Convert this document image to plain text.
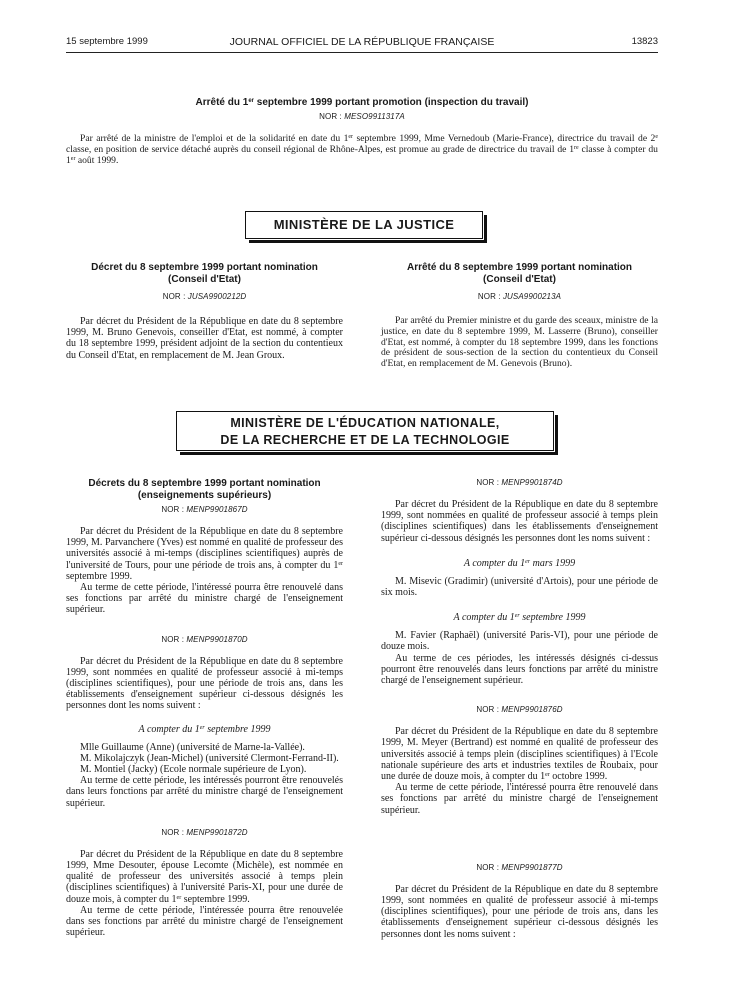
15 septembre 1999	JOURNAL OFFICIEL DE LA RÉPUBLIQUE FRANÇAISE	13823

Arrêté du 1er septembre 1999 portant promotion (inspection du travail)

NOR : MESO9911317A

Par arrêté de la ministre de l'emploi et de la solidarité en date du 1er septembre 1999, Mme Vernedoub (Marie-France), directrice du travail de 2e classe, en position de service détaché auprès du conseil régional de Rhône-Alpes, est promue au grade de directrice du travail de 1re classe à compter du 1er août 1999.

MINISTÈRE DE LA JUSTICE

Décret du 8 septembre 1999 portant nomination

(Conseil d'Etat)

NOR : JUSA9900212D

Par décret du Président de la République en date du 8 septembre 1999, M. Bruno Genevois, conseiller d'Etat, est nommé, à compter du 18 septembre 1999, président adjoint de la section du contentieux du Conseil d'Etat, en remplacement de M. Jean Groux.

Arrêté du 8 septembre 1999 portant nomination

(Conseil d'Etat)

NOR : JUSA9900213A

Par arrêté du Premier ministre et du garde des sceaux, ministre de la justice, en date du 8 septembre 1999, M. Lasserre (Bruno), conseiller d'Etat, est nommé, à compter du 18 septembre 1999, dans les fonctions de président de sous-section de la section du contentieux du Conseil d'Etat, en remplacement de M. Genevois (Bruno).

MINISTÈRE DE L'ÉDUCATION NATIONALE,
DE LA RECHERCHE ET DE LA TECHNOLOGIE

Décrets du 8 septembre 1999 portant nomination

(enseignements supérieurs)

NOR : MENP9901867D

Par décret du Président de la République en date du 8 septembre 1999, M. Parvanchere (Yves) est nommé en qualité de professeur des universités associé à mi-temps (disciplines scientifiques) auprès de l'université de Tours, pour une période de trois ans, à compter du 1er septembre 1999.

Au terme de cette période, l'intéressé pourra être renouvelé dans ses fonctions par arrêté du ministre chargé de l'enseignement supérieur.

NOR : MENP9901870D

Par décret du Président de la République en date du 8 septembre 1999, sont nommées en qualité de professeur associé à mi-temps (disciplines scientifiques), pour une période de trois ans, dans les établissements d'enseignement supérieur ci-dessous désignés les personnes dont les noms suivent :

A compter du 1er septembre 1999

Mlle Guillaume (Anne) (université de Marne-la-Vallée).

M. Mikolajczyk (Jean-Michel) (université Clermont-Ferrand-II).

M. Montiel (Jacky) (Ecole normale supérieure de Lyon).

Au terme de cette période, les intéressés pourront être renouvelés dans leurs fonctions par arrêté du ministre chargé de l'enseignement supérieur.

NOR : MENP9901872D

Par décret du Président de la République en date du 8 septembre 1999, Mme Desouter, épouse Lecomte (Michèle), est nommée en qualité de professeur des universités associé à temps plein (disciplines scientifiques) à l'université Paris-XI, pour une durée de douze mois, à compter du 1er septembre 1999.

Au terme de cette période, l'intéressée pourra être renouvelée dans ses fonctions par arrêté du ministre chargé de l'enseignement supérieur.

NOR : MENP9901874D

Par décret du Président de la République en date du 8 septembre 1999, sont nommées en qualité de professeur associé à temps plein (disciplines scientifiques) dans les établissements d'enseignement supérieur ci-dessous désignés les personnes dont les noms suivent :

A compter du 1er mars 1999

M. Misevic (Gradimir) (université d'Artois), pour une période de six mois.

A compter du 1er septembre 1999

M. Favier (Raphaël) (université Paris-VI), pour une période de douze mois.

Au terme de ces périodes, les intéressés désignés ci-dessus pourront être renouvelés dans leurs fonctions par arrêté du ministre chargé de l'enseignement supérieur.

NOR : MENP9901876D

Par décret du Président de la République en date du 8 septembre 1999, M. Meyer (Bertrand) est nommé en qualité de professeur des universités associé à temps plein (disciplines scientifiques) à l'Ecole nationale supérieure des arts et industries textiles de Roubaix, pour une durée de douze mois, à compter du 1er octobre 1999.

Au terme de cette période, l'intéressé pourra être renouvelé dans ses fonctions par arrêté du ministre chargé de l'enseignement supérieur.

NOR : MENP9901877D

Par décret du Président de la République en date du 8 septembre 1999, sont nommées en qualité de professeur associé à mi-temps (disciplines scientifiques), pour une période de trois ans, dans les établissements d'enseignement supérieur ci-dessous désignés les personnes dont les noms suivent :
